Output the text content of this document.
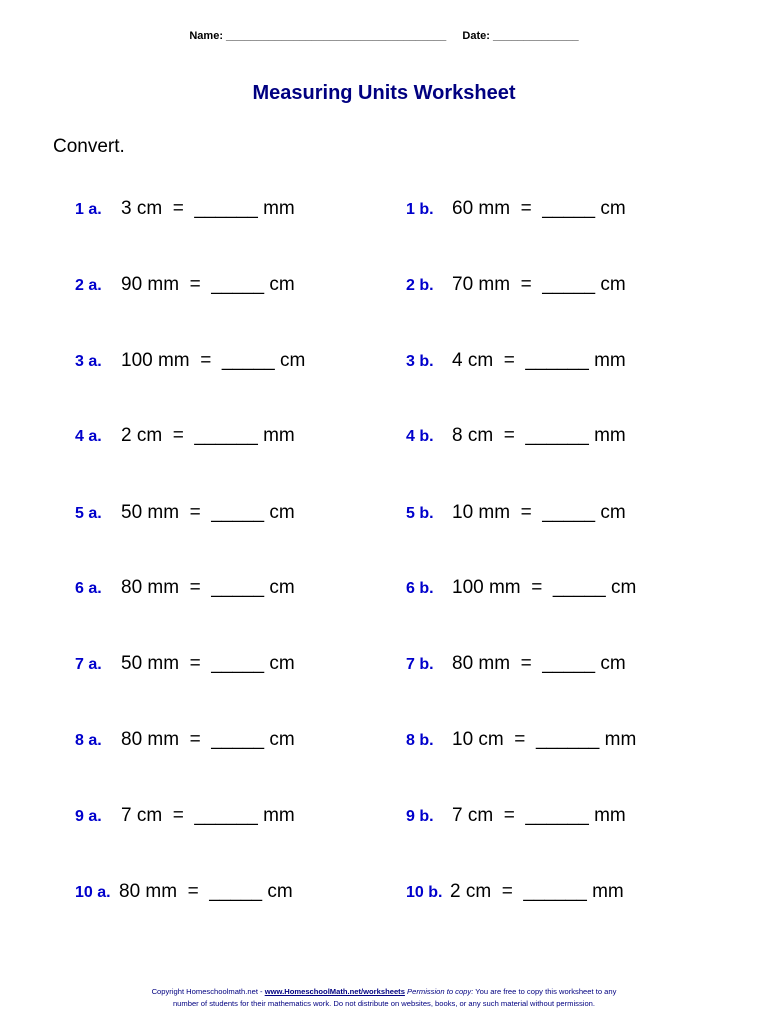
Name: ____________________________________ Date: ______________
Measuring Units Worksheet
Convert.
1 a. 3 cm  =  ______ mm	1 b. 60 mm  =  _____ cm
2 a. 90 mm  =  _____ cm	2 b. 70 mm  =  _____ cm
3 a. 100 mm  =  _____ cm	3 b. 4 cm  =  ______ mm
4 a. 2 cm  =  ______ mm	4 b. 8 cm  =  ______ mm
5 a. 50 mm  =  _____ cm	5 b. 10 mm  =  _____ cm
6 a. 80 mm  =  _____ cm	6 b. 100 mm  =  _____ cm
7 a. 50 mm  =  _____ cm	7 b. 80 mm  =  _____ cm
8 a. 80 mm  =  _____ cm	8 b. 10 cm  =  ______ mm
9 a. 7 cm  =  ______ mm	9 b. 7 cm  =  ______ mm
10 a. 80 mm  =  _____ cm	10 b. 2 cm  =  ______ mm
Copyright Homeschoolmath.net - www.HomeschoolMath.net/worksheets Permission to copy: You are free to copy this worksheet to any
number of students for their mathematics work. Do not distribute on websites, books, or any such material without permission.
